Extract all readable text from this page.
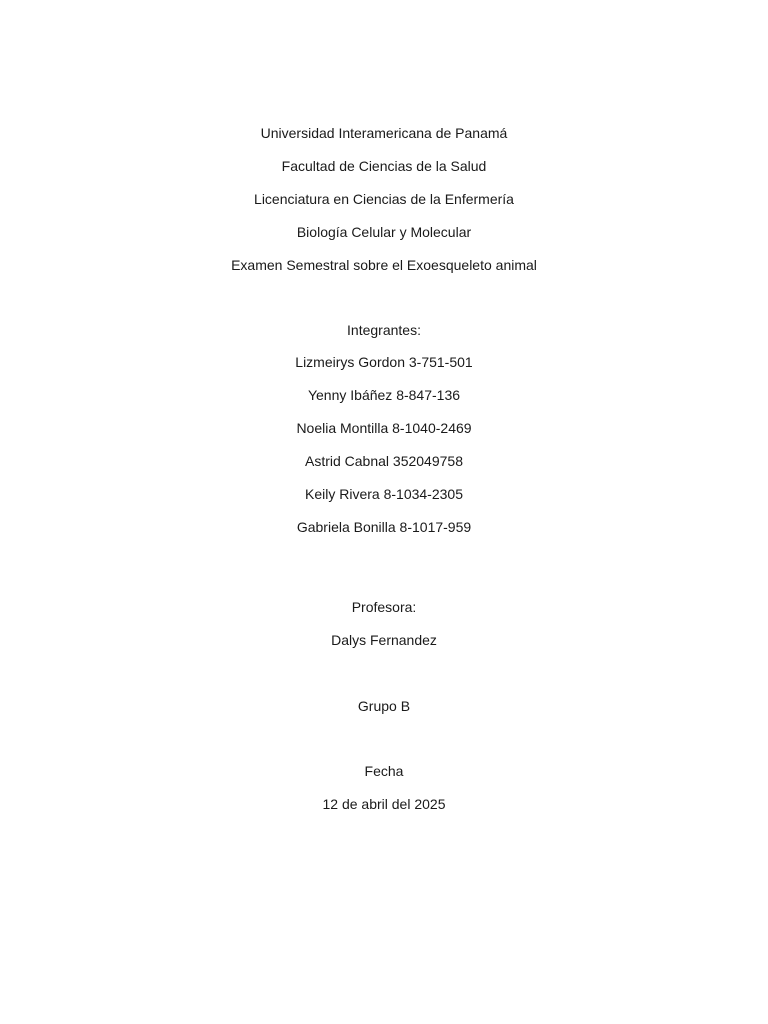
Universidad Interamericana de Panamá
Facultad de Ciencias de la Salud
Licenciatura en Ciencias de la Enfermería
Biología Celular y Molecular
Examen Semestral sobre el Exoesqueleto animal
Integrantes:
Lizmeirys Gordon 3-751-501
Yenny Ibáñez 8-847-136
Noelia Montilla 8-1040-2469
Astrid Cabnal 352049758
Keily Rivera 8-1034-2305
Gabriela Bonilla 8-1017-959
Profesora:
Dalys Fernandez
Grupo B
Fecha
12 de abril del 2025
